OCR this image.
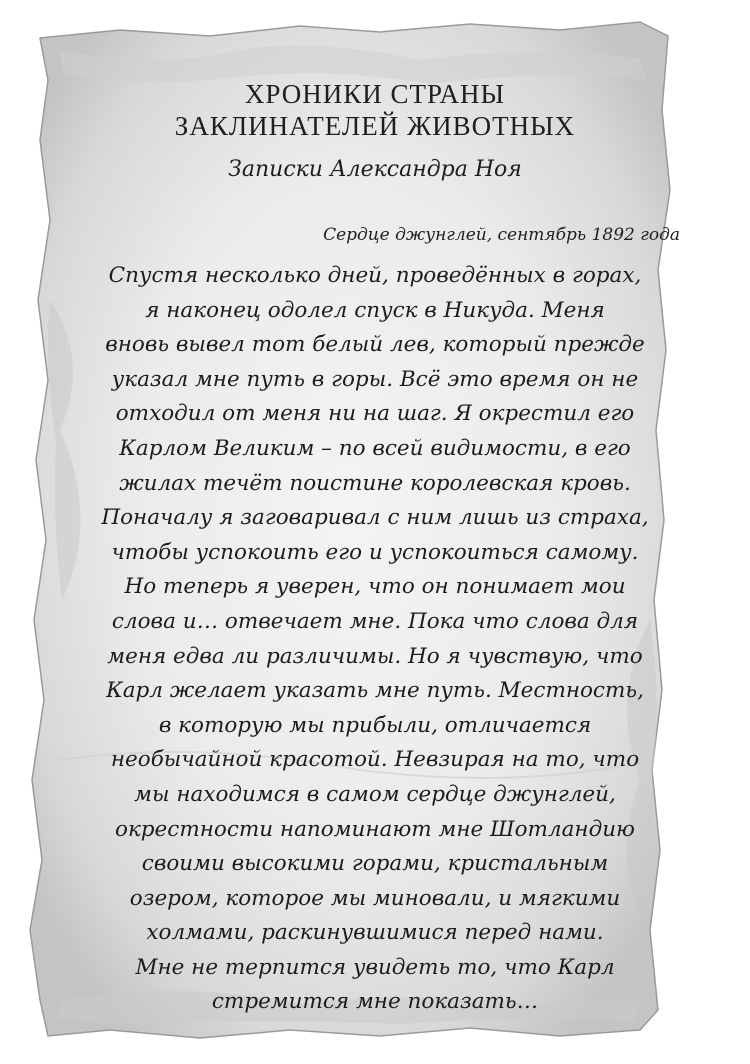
ХРОНИКИ СТРАНЫ
ЗАКЛИНАТЕЛЕЙ ЖИВОТНЫХ
Записки Александра Ноя
Сердце джунглей, сентябрь 1892 года
Спустя несколько дней, проведённых в горах,
я наконец одолел спуск в Никуда. Меня
вновь вывел тот белый лев, который прежде
указал мне путь в горы. Всё это время он не
отходил от меня ни на шаг. Я окрестил его
Карлом Великим – по всей видимости, в его
жилах течёт поистине королевская кровь.
Поначалу я заговаривал с ним лишь из страха,
чтобы успокоить его и успокоиться самому.
Но теперь я уверен, что он понимает мои
слова и… отвечает мне. Пока что слова для
меня едва ли различимы. Но я чувствую, что
Карл желает указать мне путь. Местность,
в которую мы прибыли, отличается
необычайной красотой. Невзирая на то, что
мы находимся в самом сердце джунглей,
окрестности напоминают мне Шотландию
своими высокими горами, кристальным
озером, которое мы миновали, и мягкими
холмами, раскинувшимися перед нами.
Мне не терпится увидеть то, что Карл
стремится мне показать…
